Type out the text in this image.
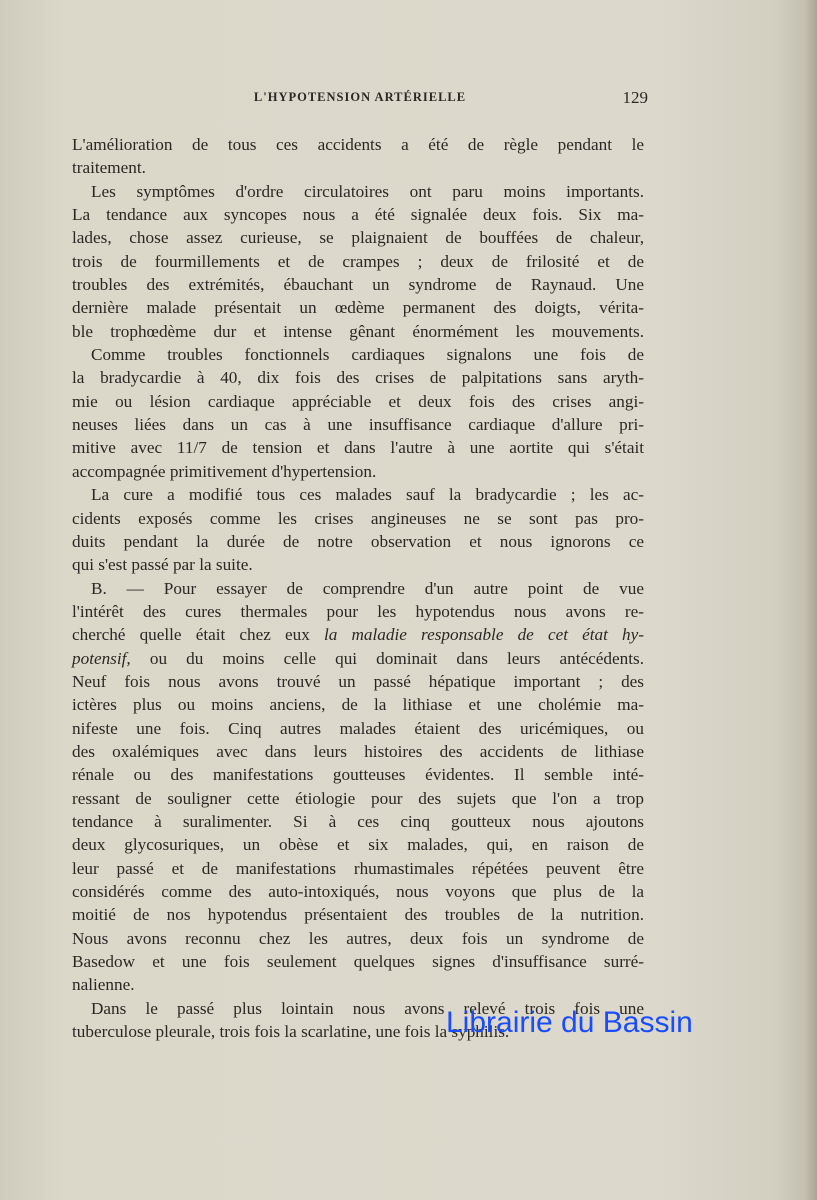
L'HYPOTENSION ARTÉRIELLE	129
L'amélioration de tous ces accidents a été de règle pendant le
traitement.
Les symptômes d'ordre circulatoires ont paru moins importants.
La tendance aux syncopes nous a été signalée deux fois. Six ma-
lades, chose assez curieuse, se plaignaient de bouffées de chaleur,
trois de fourmillements et de crampes ; deux de frilosité et de
troubles des extrémités, ébauchant un syndrome de Raynaud. Une
dernière malade présentait un œdème permanent des doigts, vérita-
ble trophœdème dur et intense gênant énormément les mouvements.
Comme troubles fonctionnels cardiaques signalons une fois de
la bradycardie à 40, dix fois des crises de palpitations sans aryth-
mie ou lésion cardiaque appréciable et deux fois des crises angi-
neuses liées dans un cas à une insuffisance cardiaque d'allure pri-
mitive avec 11/7 de tension et dans l'autre à une aortite qui s'était
accompagnée primitivement d'hypertension.
La cure a modifié tous ces malades sauf la bradycardie ; les ac-
cidents exposés comme les crises angineuses ne se sont pas pro-
duits pendant la durée de notre observation et nous ignorons ce
qui s'est passé par la suite.
B. — Pour essayer de comprendre d'un autre point de vue
l'intérêt des cures thermales pour les hypotendus nous avons re-
cherché quelle était chez eux la maladie responsable de cet état hy-
potensif, ou du moins celle qui dominait dans leurs antécédents.
Neuf fois nous avons trouvé un passé hépatique important ; des
ictères plus ou moins anciens, de la lithiase et une cholémie ma-
nifeste une fois. Cinq autres malades étaient des uricémiques, ou
des oxalémiques avec dans leurs histoires des accidents de lithiase
rénale ou des manifestations goutteuses évidentes. Il semble inté-
ressant de souligner cette étiologie pour des sujets que l'on a trop
tendance à suralimenter. Si à ces cinq goutteux nous ajoutons
deux glycosuriques, un obèse et six malades, qui, en raison de
leur passé et de manifestations rhumastimales répétées peuvent être
considérés comme des auto-intoxiqués, nous voyons que plus de la
moitié de nos hypotendus présentaient des troubles de la nutrition.
Nous avons reconnu chez les autres, deux fois un syndrome de
Basedow et une fois seulement quelques signes d'insuffisance surré-
nalienne.
Dans le passé plus lointain nous avons relevé trois fois une
tuberculose pleurale, trois fois la scarlatine, une fois la syphilis.
Librairie du Bassin
